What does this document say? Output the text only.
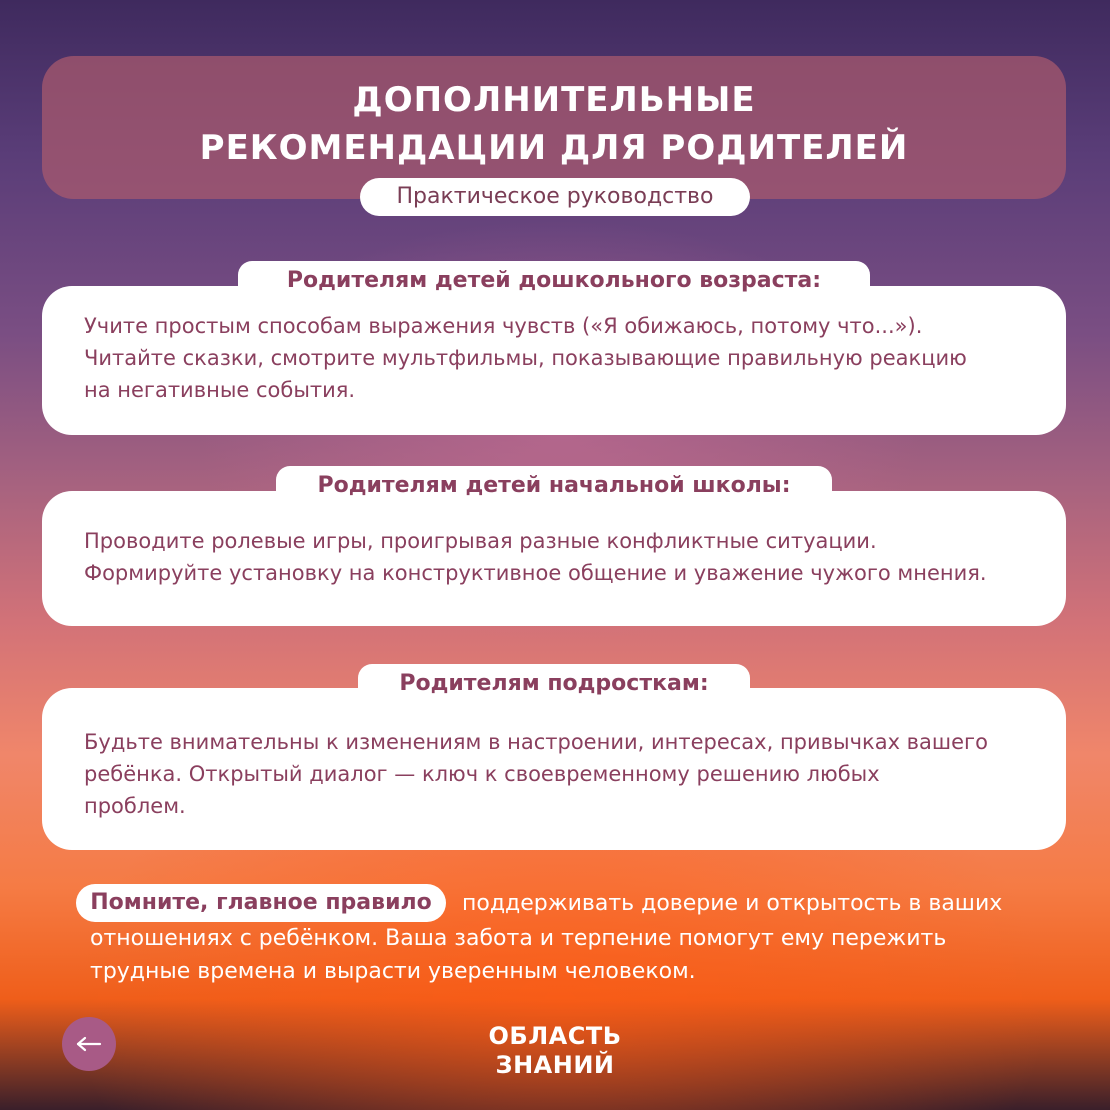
ДОПОЛНИТЕЛЬНЫЕ
РЕКОМЕНДАЦИИ ДЛЯ РОДИТЕЛЕЙ
Практическое руководство

Учите простым способам выражения чувств («Я обижаюсь, потому что...»).
Читайте сказки, смотрите мультфильмы, показывающие правильную реакцию
на негативные события.

Родителям детей дошкольного возраста:

Проводите ролевые игры, проигрывая разные конфликтные ситуации.
Формируйте установку на конструктивное общение и уважение чужого мнения.

Родителям детей начальной школы:

Будьте внимательны к изменениям в настроении, интересах, привычках вашего
ребёнка. Открытый диалог — ключ к своевременному решению любых
проблем.

Родителям подросткам:
Помните, главное правило	поддерживать доверие и открытость в ваших

отношениях с ребёнком. Ваша забота и терпение помогут ему пережить

трудные времена и вырасти уверенным человеком.

ОБЛАСТЬ
ЗНАНИЙ
